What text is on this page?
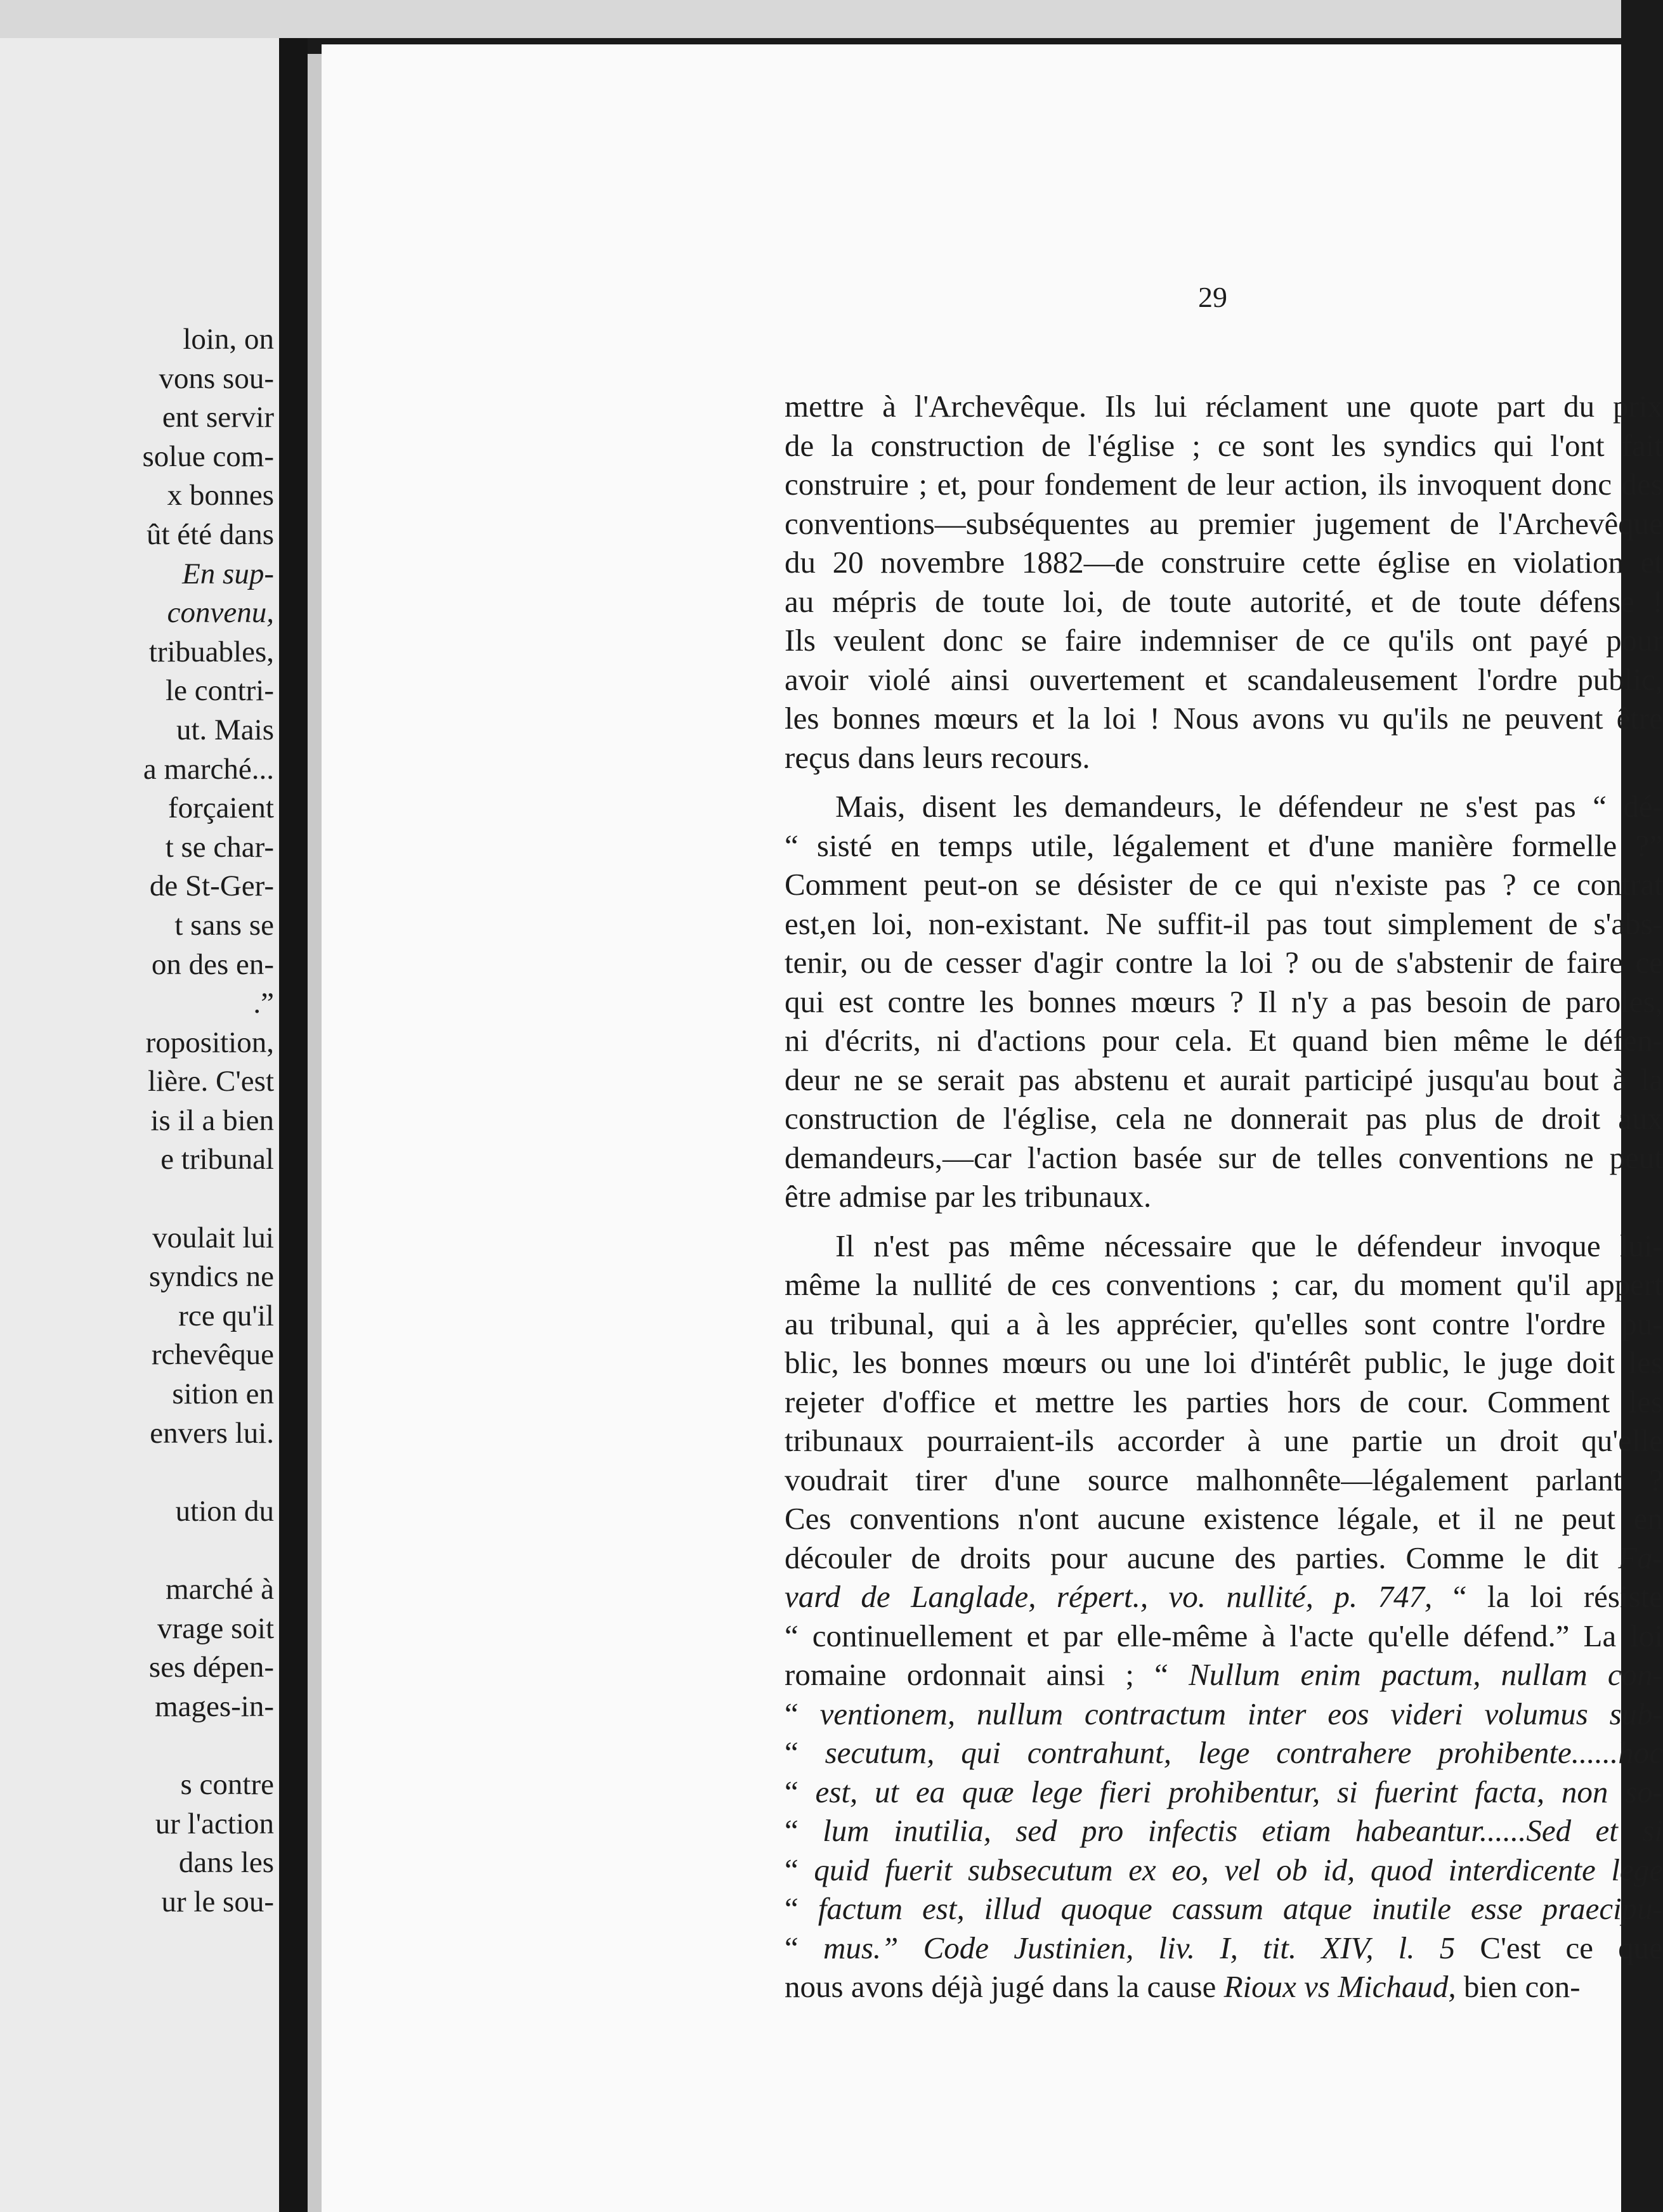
loin, on
vons sou-
ent servir
solue com-
x bonnes
ût été dans
En sup-
convenu,
tribuables,
le contri-
ut. Mais
a marché...
forçaient
t se char-
de St-Ger-
t sans se
on des en-
.”
roposition,
lière. C'est
is il a bien
e tribunal
voulait lui
syndics ne
rce qu'il
rchevêque
sition en
envers lui.
ution du
marché à
vrage soit
ses dépen-
mages-in-
s contre
ur l'action
dans les
ur le sou-
29
mettre à l'Archevêque. Ils lui réclament une quote part du prix
de la construction de l'église ; ce sont les syndics qui l'ont fait
construire ; et, pour fondement de leur action, ils invoquent donc des
conventions—subséquentes au premier jugement de l'Archevêque
du 20 novembre 1882—de construire cette église en violation et
au mépris de toute loi, de toute autorité, et de toute défense !
Ils veulent donc se faire indemniser de ce qu'ils ont payé pour
avoir violé ainsi ouvertement et scandaleusement l'ordre public,
les bonnes mœurs et la loi ! Nous avons vu qu'ils ne peuvent être
reçus dans leurs recours.
Mais, disent les demandeurs, le défendeur ne s'est pas “ dé-
“ sisté en temps utile, légalement et d'une manière formelle ?”
Comment peut-on se désister de ce qui n'existe pas ? ce contrat
est,en loi, non-existant. Ne suffit-il pas tout simplement de s'abs-
tenir, ou de cesser d'agir contre la loi ? ou de s'abstenir de faire ce
qui est contre les bonnes mœurs ? Il n'y a pas besoin de paroles,
ni d'écrits, ni d'actions pour cela. Et quand bien même le défen-
deur ne se serait pas abstenu et aurait participé jusqu'au bout à la
construction de l'église, cela ne donnerait pas plus de droit aux
demandeurs,—car l'action basée sur de telles conventions ne peut
être admise par les tribunaux.
Il n'est pas même nécessaire que le défendeur invoque lui-
même la nullité de ces conventions ; car, du moment qu'il appert
au tribunal, qui a à les apprécier, qu'elles sont contre l'ordre pu-
blic, les bonnes mœurs ou une loi d'intérêt public, le juge doit les
rejeter d'office et mettre les parties hors de cour. Comment les
tribunaux pourraient-ils accorder à une partie un droit qu'elle
voudrait tirer d'une source malhonnête—légalement parlant ?
Ces conventions n'ont aucune existence légale, et il ne peut en
découler de droits pour aucune des parties. Comme le dit Fa-
vard de Langlade, répert., vo. nullité, p. 747, “ la loi résiste
“ continuellement et par elle-même à l'acte qu'elle défend.” La loi
romaine ordonnait ainsi ; “ Nullum enim pactum, nullam con-
“ ventionem, nullum contractum inter eos videri volumus sub-
“ secutum, qui contrahunt, lege contrahere prohibente......hoc
“ est, ut ea quæ lege fieri prohibentur, si fuerint facta, non so-
“ lum inutilia, sed pro infectis etiam habeantur......Sed et si
“ quid fuerit subsecutum ex eo, vel ob id, quod interdicente lege
“ factum est, illud quoque cassum atque inutile esse praecipu-
“ mus.” Code Justinien, liv. I, tit. XIV, l. 5 C'est ce que
nous avons déjà jugé dans la cause Rioux vs Michaud, bien con-
